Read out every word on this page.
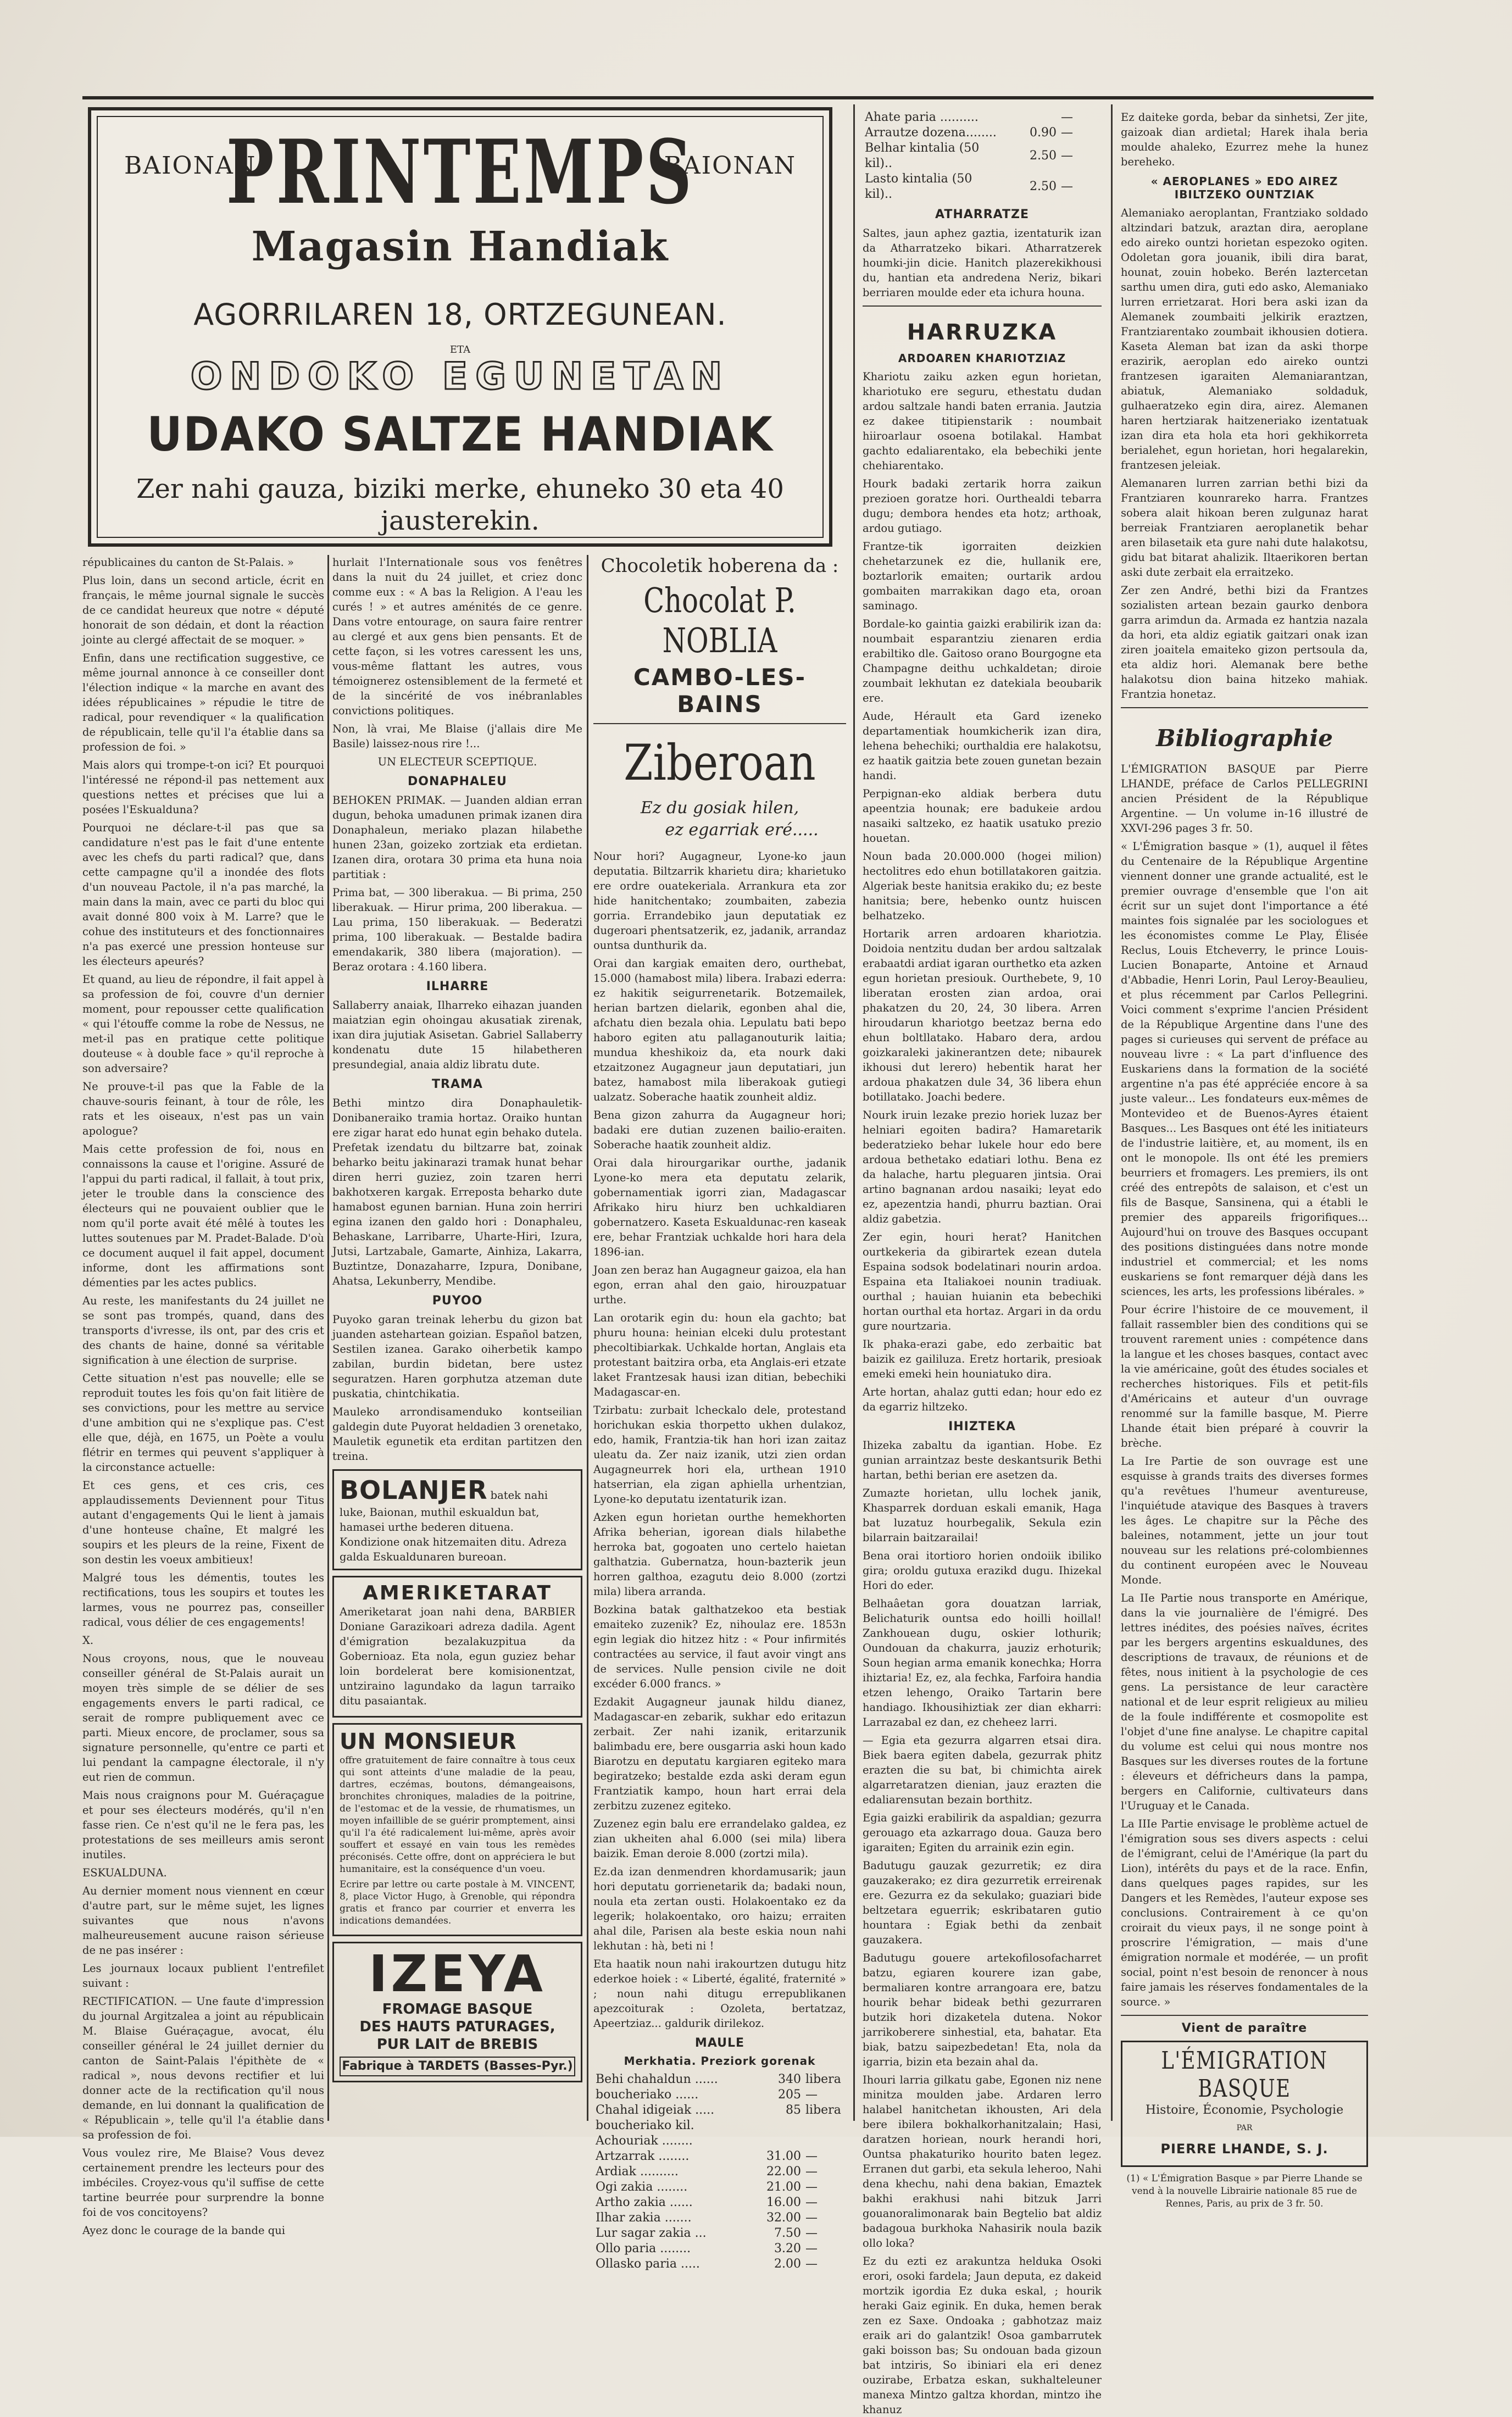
BAIONAN	BAIONAN
PRINTEMPS
Magasin Handiak
AGORRILAREN 18, ORTZEGUNEAN.
ETA
ONDOKO EGUNETAN
UDAKO SALTZE HANDIAK
Zer nahi gauza, biziki merke, ehuneko 30 eta 40 jausterekin.

républicaines du canton de St-Palais. »

Plus loin, dans un second article, écrit en français, le même journal signale le succès de ce candidat heureux que notre « député honorait de son dédain, et dont la réaction jointe au clergé affectait de se moquer. »

Enfin, dans une rectification suggestive, ce même journal annonce à ce conseiller dont l'élection indique « la marche en avant des idées républicaines » répudie le titre de radical, pour revendiquer « la qualification de républicain, telle qu'il l'a établie dans sa profession de foi. »

Mais alors qui trompe-t-on ici? Et pourquoi l'intéressé ne répond-il pas nettement aux questions nettes et précises que lui a posées l'Eskualduna?

Pourquoi ne déclare-t-il pas que sa candidature n'est pas le fait d'une entente avec les chefs du parti radical? que, dans cette campagne qu'il a inondée des flots d'un nouveau Pactole, il n'a pas marché, la main dans la main, avec ce parti du bloc qui avait donné 800 voix à M. Larre? que le cohue des instituteurs et des fonctionnaires n'a pas exercé une pression honteuse sur les électeurs apeurés?

Et quand, au lieu de répondre, il fait appel à sa profession de foi, couvre d'un dernier moment, pour repousser cette qualification « qui l'étouffe comme la robe de Nessus, ne met-il pas en pratique cette politique douteuse « à double face » qu'il reproche à son adversaire?

Ne prouve-t-il pas que la Fable de la chauve-souris feinant, à tour de rôle, les rats et les oiseaux, n'est pas un vain apologue?

Mais cette profession de foi, nous en connaissons la cause et l'origine. Assuré de l'appui du parti radical, il fallait, à tout prix, jeter le trouble dans la conscience des électeurs qui ne pouvaient oublier que le nom qu'il porte avait été mêlé à toutes les luttes soutenues par M. Pradet-Balade. D'où ce document auquel il fait appel, document informe, dont les affirmations sont démenties par les actes publics.

Au reste, les manifestants du 24 juillet ne se sont pas trompés, quand, dans des transports d'ivresse, ils ont, par des cris et des chants de haine, donné sa véritable signification à une élection de surprise.

Cette situation n'est pas nouvelle; elle se reproduit toutes les fois qu'on fait litière de ses convictions, pour les mettre au service d'une ambition qui ne s'explique pas. C'est elle que, déjà, en 1675, un Poète a voulu flétrir en termes qui peuvent s'appliquer à la circonstance actuelle:

Et ces gens, et ces cris, ces applaudissements Deviennent pour Titus autant d'engagements Qui le lient à jamais d'une honteuse chaîne, Et malgré les soupirs et les pleurs de la reine, Fixent de son destin les voeux ambitieux!

Malgré tous les démentis, toutes les rectifications, tous les soupirs et toutes les larmes, vous ne pourrez pas, conseiller radical, vous délier de ces engagements!

X.

Nous croyons, nous, que le nouveau conseiller général de St-Palais aurait un moyen très simple de se délier de ses engagements envers le parti radical, ce serait de rompre publiquement avec ce parti. Mieux encore, de proclamer, sous sa signature personnelle, qu'entre ce parti et lui pendant la campagne électorale, il n'y eut rien de commun.

Mais nous craignons pour M. Guéraçague et pour ses électeurs modérés, qu'il n'en fasse rien. Ce n'est qu'il ne le fera pas, les protestations de ses meilleurs amis seront inutiles.

ESKUALDUNA.

Au dernier moment nous viennent en cœur d'autre part, sur le même sujet, les lignes suivantes que nous n'avons malheureusement aucune raison sérieuse de ne pas insérer :

Les journaux locaux publient l'entrefilet suivant :

RECTIFICATION. — Une faute d'impression du journal Argitzalea a joint au républicain M. Blaise Guéraçague, avocat, élu conseiller général le 24 juillet dernier du canton de Saint-Palais l'épithète de « radical », nous devons rectifier et lui donner acte de la rectification qu'il nous demande, en lui donnant la qualification de « Républicain », telle qu'il l'a établie dans sa profession de foi.

Vous voulez rire, Me Blaise? Vous devez certainement prendre les lecteurs pour des imbéciles. Croyez-vous qu'il suffise de cette tartine beurrée pour surprendre la bonne foi de vos concitoyens?

Ayez donc le courage de la bande qui

hurlait l'Internationale sous vos fenêtres dans la nuit du 24 juillet, et criez donc comme eux : « A bas la Religion. A l'eau les curés ! » et autres aménités de ce genre. Dans votre entourage, on saura faire rentrer au clergé et aux gens bien pensants. Et de cette façon, si les votres caressent les uns, vous-même flattant les autres, vous témoignerez ostensiblement de la fermeté et de la sincérité de vos inébranlables convictions politiques.

Non, là vrai, Me Blaise (j'allais dire Me Basile) laissez-nous rire !...

UN ELECTEUR SCEPTIQUE.

DONAPHALEU

BEHOKEN PRIMAK. — Juanden aldian erran dugun, behoka umadunen primak izanen dira Donaphaleun, meriako plazan hilabethe hunen 23an, goizeko zortziak eta erdietan. Izanen dira, orotara 30 prima eta huna noia partitiak :

Prima bat, — 300 liberakua. — Bi prima, 250 liberakuak. — Hirur prima, 200 liberakua. — Lau prima, 150 liberakuak. — Bederatzi prima, 100 liberakuak. — Bestalde badira emendakarik, 380 libera (majoration). — Beraz orotara : 4.160 libera.

ILHARRE

Sallaberry anaiak, Ilharreko eihazan juanden maiatzian egin ohoingau akusatiak zirenak, ixan dira jujutiak Asisetan. Gabriel Sallaberry kondenatu dute 15 hilabetheren presundegial, anaia aldiz libratu dute.

TRAMA

Bethi mintzo dira Donaphauletik-Donibaneraiko tramia hortaz. Oraiko huntan ere zigar harat edo hunat egin behako dutela. Prefetak izendatu du biltzarre bat, zoinak beharko beitu jakinarazi tramak hunat behar diren herri guziez, zoin tzaren herri bakhotxeren kargak. Erreposta beharko dute hamabost egunen barnian. Huna zoin herriri egina izanen den galdo hori : Donaphaleu, Behaskane, Larribarre, Uharte-Hiri, Izura, Jutsi, Lartzabale, Gamarte, Ainhiza, Lakarra, Buztintze, Donazaharre, Izpura, Donibane, Ahatsa, Lekunberry, Mendibe.

PUYOO

Puyoko garan treinak leherbu du gizon bat juanden astehartean goizian. Español batzen, Sestilen izanea. Garako oiherbetik kampo zabilan, burdin bidetan, bere ustez seguratzen. Haren gorphutza atzeman dute puskatia, chintchikatia.

Mauleko arrondisamenduko kontseilian galdegin dute Puyorat heldadien 3 orenetako, Mauletik egunetik eta erditan partitzen den treina.

BOLANJER batek nahi luke, Baionan, muthil eskualdun bat, hamasei urthe bederen dituena. Kondizione onak hitzemaiten ditu. Adreza galda Eskualdunaren bureoan.
AMERIKETARAT

Ameriketarat joan nahi dena, BARBIER Doniane Garazikoari adreza dadila. Agent d'émigration bezalakuzpitua da Gobernioaz. Eta nola, egun guziez behar loin bordelerat bere komisionentzat, untziraino lagundako da lagun tarraiko ditu pasaiantak.

UN MONSIEUR

offre gratuitement de faire connaître à tous ceux qui sont atteints d'une maladie de la peau, dartres, eczémas, boutons, démangeaisons, bronchites chroniques, maladies de la poitrine, de l'estomac et de la vessie, de rhumatismes, un moyen infaillible de se guérir promptement, ainsi qu'il l'a été radicalement lui-même, après avoir souffert et essayé en vain tous les remèdes préconisés. Cette offre, dont on appréciera le but humanitaire, est la conséquence d'un voeu.

Ecrire par lettre ou carte postale à M. VINCENT, 8, place Victor Hugo, à Grenoble, qui répondra gratis et franco par courrier et enverra les indications demandées.

IZEYA
FROMAGE BASQUE
DES HAUTS PATURAGES,
PUR LAIT de BREBIS
Fabrique à TARDETS (Basses-Pyr.)
Chocoletik hoberena da :
Chocolat P. NOBLIA
CAMBO-LES-BAINS
Ziberoan
Ez du gosiak hilen,
ez egarriak eré.....

Nour hori? Augagneur, Lyone-ko jaun deputatia. Biltzarrik kharietu dira; kharietuko ere ordre ouatekeriala. Arrankura eta zor hide hanitchentako; zoumbaiten, zabezia gorria. Errandebiko jaun deputatiak ez dugeroari phentsatzerik, ez, jadanik, arrandaz ountsa dunthurik da.

Orai dan kargiak emaiten dero, ourthebat, 15.000 (hamabost mila) libera. Irabazi ederra: ez hakitik seigurrenetarik. Botzemailek, herian bartzen dielarik, egonben ahal die, afchatu dien bezala ohia. Lepulatu bati bepo haboro egiten atu pallaganouturik laitia; mundua kheshikoiz da, eta nourk daki etzaitzonez Augagneur jaun deputatiari, jun batez, hamabost mila liberakoak gutiegi ualzatz. Soberache haatik zounheit aldiz.

Bena gizon zahurra da Augagneur hori; badaki ere dutian zuzenen bailio-eraiten. Soberache haatik zounheit aldiz.

Orai dala hirourgarikar ourthe, jadanik Lyone-ko mera eta deputatu zelarik, gobernamentiak igorri zian, Madagascar Afrikako hiru hiurz ben uchkaldiaren gobernatzero. Kaseta Eskualdunac-ren kaseak ere, behar Frantziak uchkalde hori hara dela 1896-ian.

Joan zen beraz han Augagneur gaizoa, ela han egon, erran ahal den gaio, hirouzpatuar urthe.

Lan orotarik egin du: houn ela gachto; bat phuru houna: heinian elceki dulu protestant phecoltibiarkak. Uchkalde hortan, Anglais eta protestant baitzira orba, eta Anglais-eri etzate laket Frantzesak hausi izan ditian, bebechiki Madagascar-en.

Tzirbatu: zurbait lcheckalo dele, protestand horichukan eskia thorpetto ukhen dulakoz, edo, hamik, Frantzia-tik han hori izan zaitaz uleatu da. Zer naiz izanik, utzi zien ordan Augagneurrek hori ela, urthean 1910 hatserrian, ela zigan aphiella urhentzian, Lyone-ko deputatu izentaturik izan.

Azken egun horietan ourthe hemekhorten Afrika beherian, igorean dials hilabethe herroka bat, gogoaten uno certelo haietan galthatzia. Gubernatza, houn-bazterik jeun horren galthoa, ezagutu deio 8.000 (zortzi mila) libera arranda.

Bozkina batak galthatzekoo eta bestiak emaiteko zuzenik? Ez, nihoulaz ere. 1853n egin legiak dio hitzez hitz : « Pour infirmités contractées au service, il faut avoir vingt ans de services. Nulle pension civile ne doit excéder 6.000 francs. »

Ezdakit Augagneur jaunak hildu dianez, Madagascar-en zebarik, sukhar edo eritazun zerbait. Zer nahi izanik, eritarzunik balimbadu ere, bere ousgarria aski houn kado Biarotzu en deputatu kargiaren egiteko mara begiratzeko; bestalde ezda aski deram egun Frantziatik kampo, houn hart errai dela zerbitzu zuzenez egiteko.

Zuzenez egin balu ere errandelako galdea, ez zian ukheiten ahal 6.000 (sei mila) libera baizik. Eman deroie 8.000 (zortzi mila).

Ez.da izan denmendren khordamusarik; jaun hori deputatu gorrienetarik da; badaki noun, noula eta zertan ousti. Holakoentako ez da legerik; holakoentako, oro haizu; erraiten ahal dile, Parisen ala beste eskia noun nahi lekhutan : hà, beti ni !

Eta haatik noun nahi irakourtzen dutugu hitz ederkoe hoiek : « Liberté, égalité, fraternité » ; noun nahi ditugu errepublikanen apezcoiturak : Ozoleta, bertatzaz, Apeertziaz... galdurik dirilekoz.

MAULE
Merkhatia. Preziork gorenak
Behi chahaldun ......	340	libera
boucheriako ......	205	—
Chahal idigeiak .....	85	libera
boucheriako kil.		
Achouriak ........		
Artzarrak ........	31.00	—
Ardiak ..........	22.00	—
Ogi zakia ........	21.00	—
Artho zakia ......	16.00	—
Ilhar zakia .......	32.00	—
Lur sagar zakia ...	7.50	—
Ollo paria ........	3.20	—
Ollasko paria .....	2.00	—
Ahate paria ..........		—
Arrautze dozena........	0.90	—
Belhar kintalia (50 kil)..	2.50	—
Lasto kintalia (50 kil)..	2.50	—
ATHARRATZE

Saltes, jaun aphez gaztia, izentaturik izan da Atharratzeko bikari. Atharratzerek houmki-jin dicie. Hanitch plazerekikhousi du, hantian eta andredena Neriz, bikari berriaren moulde eder eta ichura houna.

HARRUZKA
ARDOAREN KHARIOTZIAZ

Khariotu zaiku azken egun horietan, khariotuko ere seguru, ethestatu dudan ardou saltzale handi baten errania. Jautzia ez dakee titipienstarik : noumbait hiiroarlaur osoena botilakal. Hambat gachto edaliarentako, ela bebechiki jente chehiarentako.

Hourk badaki zertarik horra zaikun prezioen goratze hori. Ourthealdi tebarra dugu; dembora hendes eta hotz; arthoak, ardou gutiago.

Frantze-tik igorraiten deizkien chehetarzunek ez die, hullanik ere, boztarlorik emaiten; ourtarik ardou gombaiten marrakikan dago eta, oroan saminago.

Bordale-ko gaintia gaizki erabilirik izan da: noumbait esparantziu zienaren erdia erabiltiko dle. Gaitoso orano Bourgogne eta Champagne deithu uchkaldetan; diroie zoumbait lekhutan ez datekiala beoubarik ere.

Aude, Hérault eta Gard izeneko departamentiak houmkicherik izan dira, lehena behechiki; ourthaldia ere halakotsu, ez haatik gaitzia bete zouen gunetan bezain handi.

Perpignan-eko aldiak berbera dutu apeentzia hounak; ere badukeie ardou nasaiki saltzeko, ez haatik usatuko prezio houetan.

Noun bada 20.000.000 (hogei milion) hectolitres edo ehun botillatakoren gaitzia. Algeriak beste hanitsia erakiko du; ez beste hanitsia; bere, hebenko ountz huiscen belhatzeko.

Hortarik arren ardoaren khariotzia. Doidoia nentzitu dudan ber ardou saltzalak erabaatdi ardiat igaran ourthetko eta azken egun horietan presiouk. Ourthebete, 9, 10 liberatan erosten zian ardoa, orai phakatzen du 20, 24, 30 libera. Arren hiroudarun khariotgo beetzaz berna edo ehun boltllatako. Habaro dera, ardou goizkaraleki jakinerantzen dete; nibaurek ikhousi dut lerero) hebentik harat her ardoua phakatzen dule 34, 36 libera ehun botillatako. Joachi bedere.

Nourk iruin lezake prezio horiek luzaz ber helniari egoiten badira? Hamaretarik bederatzieko behar lukele hour edo bere ardoua bethetako edatiari lothu. Bena ez da halache, hartu pleguaren jintsia. Orai artino bagnanan ardou nasaiki; leyat edo ez, apezentzia handi, phurru baztian. Orai aldiz gabetzia.

Zer egin, houri herat? Hanitchen ourtkekeria da gibirartek ezean dutela Espaina sodsok bodelatinari nourin ardoa. Espaina eta Italiakoei nounin tradiuak. ourthal ; hauian huianin eta bebechiki hortan ourthal eta hortaz. Argari in da ordu gure nourtzaria.

Ik phaka-erazi gabe, edo zerbaitic bat baizik ez gaililuza. Eretz hortarik, presioak emeki emeki hein houniatuko dira.

Arte hortan, ahalaz gutti edan; hour edo ez da egarriz hiltzeko.

IHIZTEKA

Ihizeka zabaltu da igantian. Hobe. Ez gunian arraintzaz beste deskantsurik Bethi hartan, bethi berian ere asetzen da.

Zumazte horietan, ullu lochek janik, Khasparrek dorduan eskali emanik, Haga bat luzatuz hourbegalik, Sekula ezin bilarrain baitzarailai!

Bena orai itortioro horien ondoiik ibiliko gira; oroldu gutuxa erazikd dugu. Ihizekal Hori do eder.

Belhaâetan gora douatzan larriak, Belichaturik ountsa edo hoilli hoillal! Zankhouean dugu, oskier lothurik; Oundouan da chakurra, jauziz erhoturik; Soun hegian arma emanik konechka; Horra ihiztaria! Ez, ez, ala fechka, Farfoira handia etzen lehengo, Oraiko Tartarin bere handiago. Ikhousihiztiak zer dian ekharri: Larrazabal ez dan, ez cheheez larri.

— Egia eta gezurra algarren etsai dira. Biek baera egiten dabela, gezurrak phitz erazten die su bat, bi chimichta airek algarretaratzen dienian, jauz erazten die edaliarensutan bezain borthitz.

Egia gaizki erabilirik da aspaldian; gezurra gerouago eta azkarrago doua. Gauza bero igaraiten; Egiten du arrainik ezin egin.

Badutugu gauzak gezurretik; ez dira gauzakerako; ez dira gezurretik erreirenak ere. Gezurra ez da sekulako; guaziari bide beltzetara eguerrik; eskribataren gutio hountara : Egiak bethi da zenbait gauzakera.

Badutugu gouere artekofilosofacharret batzu, egiaren kourere izan gabe, bermaliaren kontre arrangoara ere, batzu hourik behar bideak bethi gezurraren butzik hori dizaketela dutena. Nokor jarrikoberere sinhestial, eta, bahatar. Eta biak, batzu saipezbedetan! Eta, nola da igarria, bizin eta bezain ahal da.

Ihouri larria gilkatu gabe, Egonen niz nene minitza moulden jabe. Ardaren lerro halabel hanitchetan ikhousten, Ari dela bere ibilera bokhalkorhanitzalain; Hasi, daratzen horiean, nourk herandi hori, Ountsa phakaturiko hourito baten legez. Erranen dut garbi, eta sekula leheroo, Nahi dena khechu, nahi dena bakian, Emaztek bakhi erakhusi nahi bitzuk Jarri gouanoralimonarak bain Begtelio bat aldiz badagoua burkhoka Nahasirik noula bazik ollo loka?

Ez du ezti ez arakuntza helduka Osoki erori, osoki fardela; Jaun deputa, ez dakeid mortzik igordia Ez duka eskal, ; hourik heraki Gaiz eginik. En duka, hemen berak zen ez Saxe. Ondoaka ; gabhotzaz maiz eraik ari do galantzik! Osoa gambarrutek gaki boisson bas; Su ondouan bada gizoun bat intziris, So ibiniari ela eri denez ouzirabe, Erbatza eskan, sukhalteleuner manexa Mintzo galtza khordan, mintzo ihe khanuz

Ez daiteke gorda, bebar da sinhetsi, Zer jite, gaizoak dian ardietal; Harek ihala beria moulde ahaleko, Ezurrez mehe la hunez bereheko.

« AEROPLANES » EDO AIREZ IBILTZEKO OUNTZIAK

Alemaniako aeroplantan, Frantziako soldado altzindari batzuk, araztan dira, aeroplane edo aireko ountzi horietan espezoko ogiten. Odoletan gora jouanik, ibili dira barat, hounat, zouin hobeko. Berén laztercetan sarthu umen dira, guti edo asko, Alemaniako lurren errietzarat. Hori bera aski izan da Alemanek zoumbaiti jelkirik eraztzen, Frantziarentako zoumbait ikhousien dotiera. Kaseta Aleman bat izan da aski thorpe erazirik, aeroplan edo aireko ountzi frantzesen igaraiten Alemaniarantzan, abiatuk, Alemaniako soldaduk, gulhaeratzeko egin dira, airez. Alemanen haren hertziarak haitzeneriako izentatuak izan dira eta hola eta hori gekhikorreta berialehet, egun horietan, hori hegalarekin, frantzesen jeleiak.

Alemanaren lurren zarrian bethi bizi da Frantziaren kounrareko harra. Frantzes sobera alait hikoan beren zulgunaz harat berreiak Frantziaren aeroplanetik behar aren bilasetaik eta gure nahi dute halakotsu, gidu bat bitarat ahalizik. Iltaerikoren bertan aski dute zerbait ela erraitzeko.

Zer zen André, bethi bizi da Frantzes sozialisten artean bezain gaurko denbora garra arimdun da. Armada ez hantzia nazala da hori, eta aldiz egiatik gaitzari onak izan ziren joaitela emaiteko gizon pertsoula da, eta aldiz hori. Alemanak bere bethe halakotsu dion baina hitzeko mahiak. Frantzia honetaz.

Bibliographie

L'ÉMIGRATION BASQUE par Pierre LHANDE, préface de Carlos PELLEGRINI ancien Président de la République Argentine. — Un volume in-16 illustré de XXVI-296 pages 3 fr. 50.

« L'Émigration basque » (1), auquel il fêtes du Centenaire de la République Argentine viennent donner une grande actualité, est le premier ouvrage d'ensemble que l'on ait écrit sur un sujet dont l'importance a été maintes fois signalée par les sociologues et les économistes comme Le Play, Élisée Reclus, Louis Etcheverry, le prince Louis-Lucien Bonaparte, Antoine et Arnaud d'Abbadie, Henri Lorin, Paul Leroy-Beaulieu, et plus récemment par Carlos Pellegrini. Voici comment s'exprime l'ancien Président de la République Argentine dans l'une des pages si curieuses qui servent de préface au nouveau livre : « La part d'influence des Euskariens dans la formation de la société argentine n'a pas été appréciée encore à sa juste valeur... Les fondateurs eux-mêmes de Montevideo et de Buenos-Ayres étaient Basques... Les Basques ont été les initiateurs de l'industrie laitière, et, au moment, ils en ont le monopole. Ils ont été les premiers beurriers et fromagers. Les premiers, ils ont créé des entrepôts de salaison, et c'est un fils de Basque, Sansinena, qui a établi le premier des appareils frigorifiques... Aujourd'hui on trouve des Basques occupant des positions distinguées dans notre monde industriel et commercial; et les noms euskariens se font remarquer déjà dans les sciences, les arts, les professions libérales. »

Pour écrire l'histoire de ce mouvement, il fallait rassembler bien des conditions qui se trouvent rarement unies : compétence dans la langue et les choses basques, contact avec la vie américaine, goût des études sociales et recherches historiques. Fils et petit-fils d'Américains et auteur d'un ouvrage renommé sur la famille basque, M. Pierre Lhande était bien préparé à couvrir la brèche.

La Ire Partie de son ouvrage est une esquisse à grands traits des diverses formes qu'a revêtues l'humeur aventureuse, l'inquiétude atavique des Basques à travers les âges. Le chapitre sur la Pêche des baleines, notamment, jette un jour tout nouveau sur les relations pré-colombiennes du continent européen avec le Nouveau Monde.

La IIe Partie nous transporte en Amérique, dans la vie journalière de l'émigré. Des lettres inédites, des poésies naïves, écrites par les bergers argentins eskualdunes, des descriptions de travaux, de réunions et de fêtes, nous initient à la psychologie de ces gens. La persistance de leur caractère national et de leur esprit religieux au milieu de la foule indifférente et cosmopolite est l'objet d'une fine analyse. Le chapitre capital du volume est celui qui nous montre nos Basques sur les diverses routes de la fortune : éleveurs et défricheurs dans la pampa, bergers en Californie, cultivateurs dans l'Uruguay et le Canada.

La IIIe Partie envisage le problème actuel de l'émigration sous ses divers aspects : celui de l'émigrant, celui de l'Amérique (la part du Lion), intérêts du pays et de la race. Enfin, dans quelques pages rapides, sur les Dangers et les Remèdes, l'auteur expose ses conclusions. Contrairement à ce qu'on croirait du vieux pays, il ne songe point à proscrire l'émigration, — mais d'une émigration normale et modérée, — un profit social, point n'est besoin de renoncer à nous faire jamais les réserves fondamentales de la source. »

Vient de paraître
L'ÉMIGRATION BASQUE
Histoire, Économie, Psychologie
PAR
PIERRE LHANDE, S. J.
(1) « L'Émigration Basque » par Pierre Lhande se vend à la nouvelle Librairie nationale 85 rue de Rennes, Paris, au prix de 3 fr. 50.
